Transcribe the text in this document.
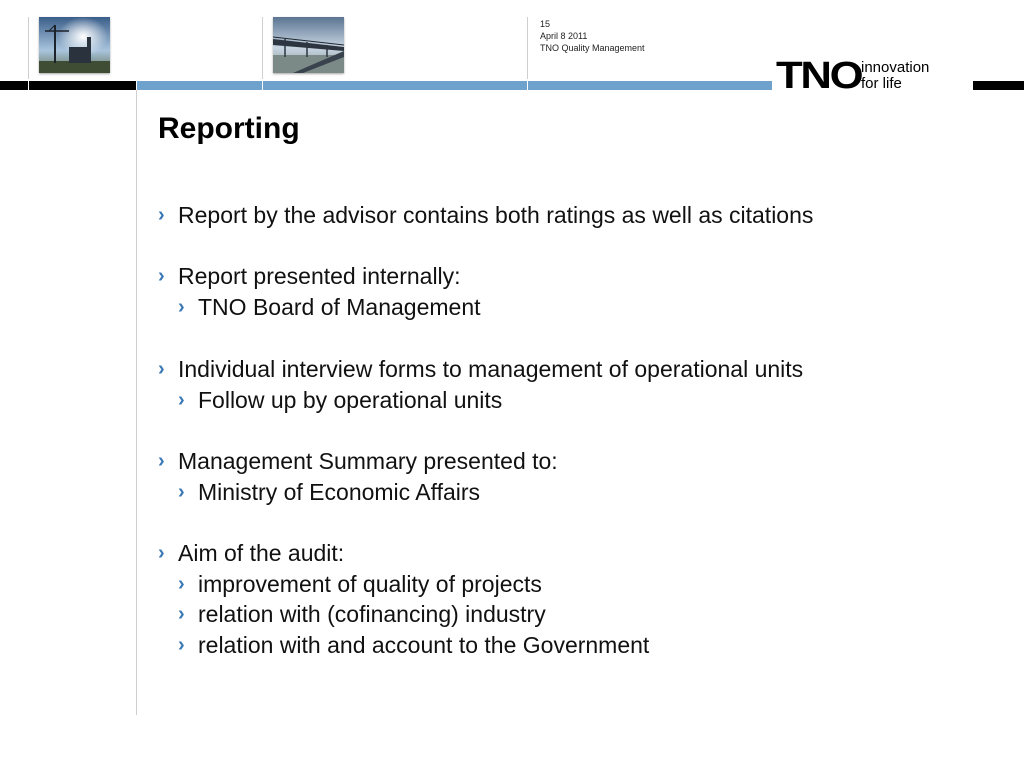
15
April 8 2011
TNO Quality Management
TNO innovation
for life
Reporting
› Report by the advisor contains both ratings as well as citations
› Report presented internally:
› TNO Board of Management
› Individual interview forms to management of operational units
› Follow up by operational units
› Management Summary presented to:
› Ministry of Economic Affairs
› Aim of the audit:
› improvement of quality of projects
› relation with (cofinancing) industry
› relation with and account to the Government
